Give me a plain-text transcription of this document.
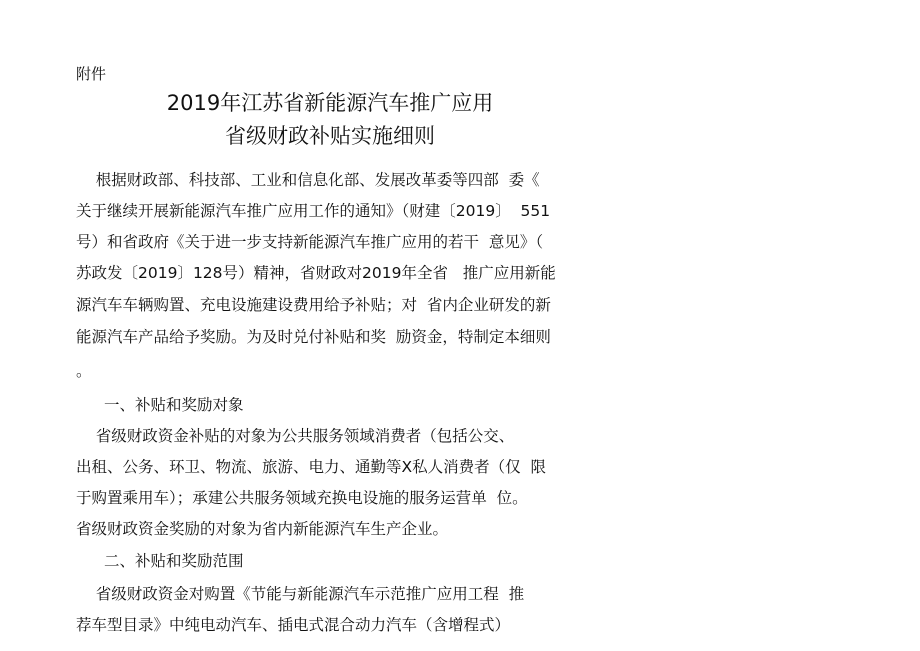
附件
2019年江苏省新能源汽车推广应用
省级财政补贴实施细则
根据财政部、科技部、工业和信息化部、发展改革委等四部  委《
关于继续开展新能源汽车推广应用工作的通知》（财建〔2019〕  551
号）和省政府《关于进一步支持新能源汽车推广应用的若干  意见》（
苏政发〔2019〕128号）精神，省财政对2019年全省   推广应用新能
源汽车车辆购置、充电设施建设费用给予补贴；对  省内企业研发的新
能源汽车产品给予奖励。为及时兑付补贴和奖  励资金，特制定本细则
。
一、补贴和奖励对象
省级财政资金补贴的对象为公共服务领域消费者（包括公交、
出租、公务、环卫、物流、旅游、电力、通勤等X私人消费者（仅  限
于购置乘用车）；承建公共服务领域充换电设施的服务运营单  位。
省级财政资金奖励的对象为省内新能源汽车生产企业。
二、补贴和奖励范围
省级财政资金对购置《节能与新能源汽车示范推广应用工程  推
荐车型目录》中纯电动汽车、插电式混合动力汽车（含增程式）
